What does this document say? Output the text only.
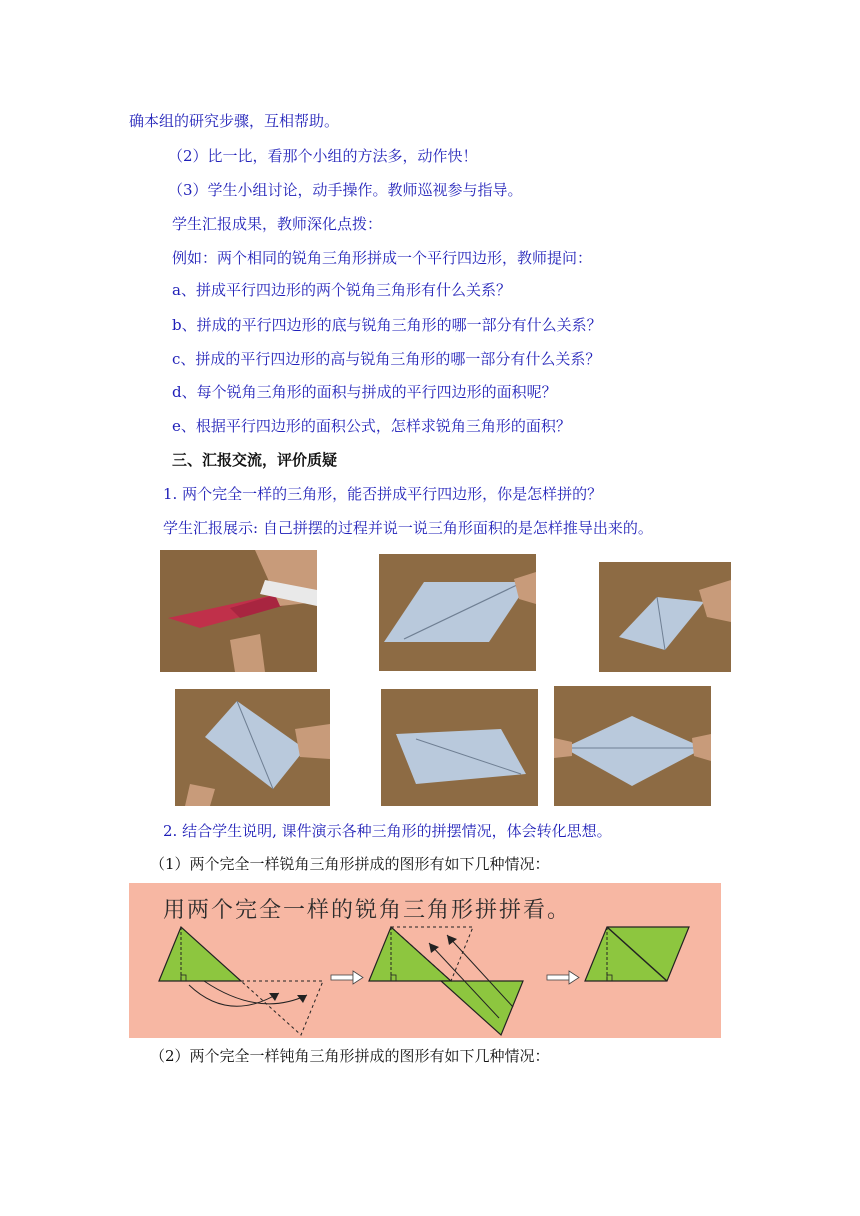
确本组的研究步骤，互相帮助。
（2）比一比，看那个小组的方法多，动作快！
（3）学生小组讨论，动手操作。教师巡视参与指导。
学生汇报成果，教师深化点拨：
例如：两个相同的锐角三角形拼成一个平行四边形，教师提问：
a、拼成平行四边形的两个锐角三角形有什么关系？
b、拼成的平行四边形的底与锐角三角形的哪一部分有什么关系？
c、拼成的平行四边形的高与锐角三角形的哪一部分有什么关系？
d、每个锐角三角形的面积与拼成的平行四边形的面积呢？
e、根据平行四边形的面积公式，怎样求锐角三角形的面积？
三、汇报交流，评价质疑
1. 两个完全一样的三角形，能否拼成平行四边形，你是怎样拼的？
学生汇报展示: 自己拼摆的过程并说一说三角形面积的是怎样推导出来的。
2. 结合学生说明, 课件演示各种三角形的拼摆情况，体会转化思想。
（1）两个完全一样锐角三角形拼成的图形有如下几种情况：
用两个完全一样的锐角三角形拼拼看。
（2）两个完全一样钝角三角形拼成的图形有如下几种情况：
